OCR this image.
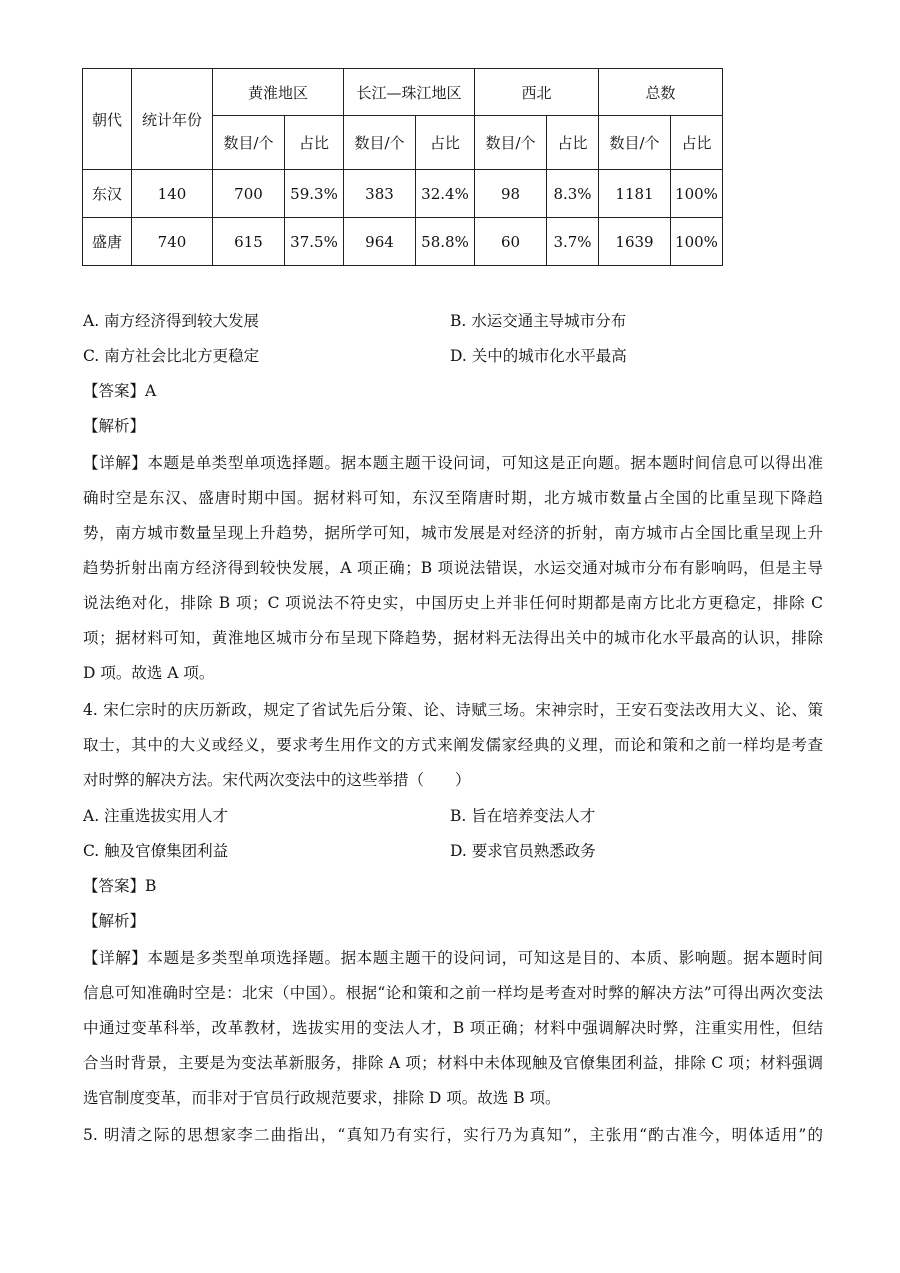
朝代	统计年份	黄淮地区		长江—珠江地区		西北		总数	
		数目/个	占比	数目/个	占比	数目/个	占比	数目/个	占比
东汉	140	700	59.3%	383	32.4%	98	8.3%	1181	100%
盛唐	740	615	37.5%	964	58.8%	60	3.7%	1639	100%
A. 南方经济得到较大发展	B. 水运交通主导城市分布
C. 南方社会比北方更稳定	D. 关中的城市化水平最高
【答案】A
【解析】
【详解】本题是单类型单项选择题。据本题主题干设问词，可知这是正向题。据本题时间信息可以得出准
确时空是东汉、盛唐时期中国。据材料可知，东汉至隋唐时期，北方城市数量占全国的比重呈现下降趋
势，南方城市数量呈现上升趋势，据所学可知，城市发展是对经济的折射，南方城市占全国比重呈现上升
趋势折射出南方经济得到较快发展，A 项正确；B 项说法错误，水运交通对城市分布有影响吗，但是主导
说法绝对化，排除 B 项；C 项说法不符史实，中国历史上并非任何时期都是南方比北方更稳定，排除 C
项；据材料可知，黄淮地区城市分布呈现下降趋势，据材料无法得出关中的城市化水平最高的认识，排除
D 项。故选 A 项。
4. 宋仁宗时的庆历新政，规定了省试先后分策、论、诗赋三场。宋神宗时，王安石变法改用大义、论、策
取士，其中的大义或经义，要求考生用作文的方式来阐发儒家经典的义理，而论和策和之前一样均是考查
对时弊的解决方法。宋代两次变法中的这些举措（　　）
A. 注重选拔实用人才	B. 旨在培养变法人才
C. 触及官僚集团利益	D. 要求官员熟悉政务
【答案】B
【解析】
【详解】本题是多类型单项选择题。据本题主题干的设问词，可知这是目的、本质、影响题。据本题时间
信息可知准确时空是：北宋（中国）。根据“论和策和之前一样均是考查对时弊的解决方法”可得出两次变法
中通过变革科举，改革教材，选拔实用的变法人才，B 项正确；材料中强调解决时弊，注重实用性，但结
合当时背景，主要是为变法革新服务，排除 A 项；材料中未体现触及官僚集团利益，排除 C 项；材料强调
选官制度变革，而非对于官员行政规范要求，排除 D 项。故选 B 项。
5. 明清之际的思想家李二曲指出，“真知乃有实行，实行乃为真知”，主张用“酌古准今，明体适用”的
